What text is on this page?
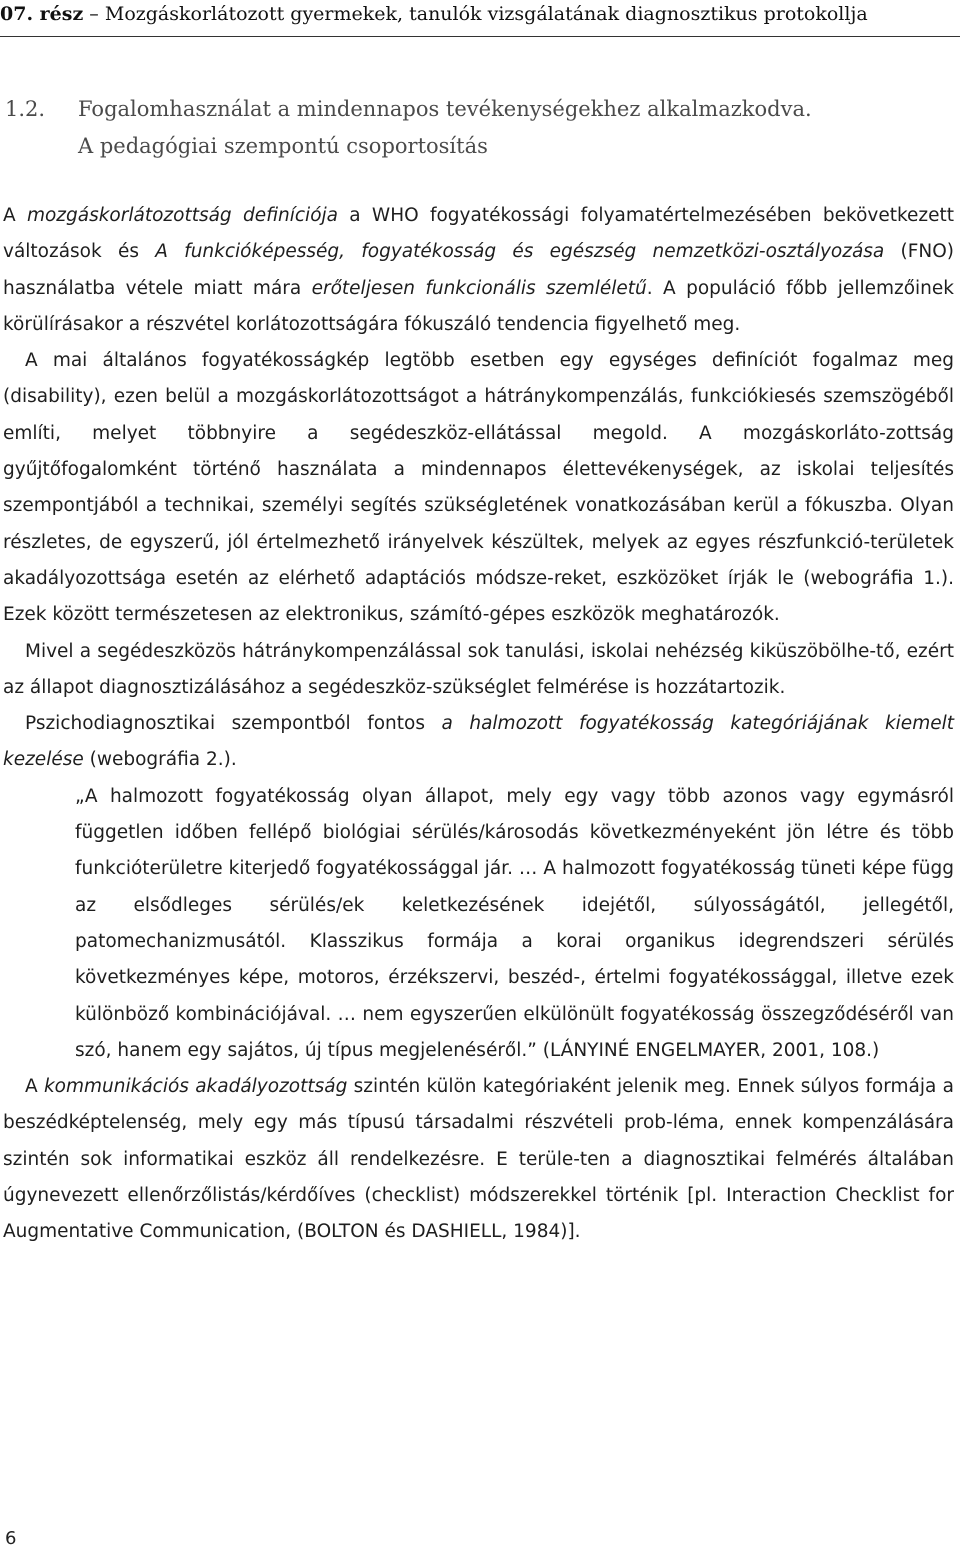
07. rész – Mozgáskorlátozott gyermekek, tanulók vizsgálatának diagnosztikus protokollja
1.2. Fogalomhasználat a mindennapos tevékenységekhez alkalmazkodva.
A pedagógiai szempontú csoportosítás

A mozgáskorlátozottság definíciója a WHO fogyatékossági folyamatértelmezésében bekövetkezett változások és A funkcióképesség, fogyatékosság és egészség nemzetközi-osztályozása (FNO) használatba vétele miatt mára erőteljesen funkcionális szemléletű. A populáció főbb jellemzőinek körülírásakor a részvétel korlátozottságára fókuszáló tendencia figyelhető meg.

A mai általános fogyatékosságkép legtöbb esetben egy egységes definíciót fogalmaz meg (disability), ezen belül a mozgáskorlátozottságot a hátránykompenzálás, funkciókiesés szemszögéből említi, melyet többnyire a segédeszköz-ellátással megold. A mozgáskorláto-zottság gyűjtőfogalomként történő használata a mindennapos élettevékenységek, az iskolai teljesítés szempontjából a technikai, személyi segítés szükségletének vonatkozásában kerül a fókuszba. Olyan részletes, de egyszerű, jól értelmezhető irányelvek készültek, melyek az egyes részfunkció-területek akadályozottsága esetén az elérhető adaptációs módsze-reket, eszközöket írják le (webográfia 1.). Ezek között természetesen az elektronikus, számító-gépes eszközök meghatározók.

Mivel a segédeszközös hátránykompenzálással sok tanulási, iskolai nehézség kiküszöbölhe-tő, ezért az állapot diagnosztizálásához a segédeszköz-szükséglet felmérése is hozzátartozik.

Pszichodiagnosztikai szempontból fontos a halmozott fogyatékosság kategóriájának kiemelt kezelése (webográfia 2.).

„A halmozott fogyatékosság olyan állapot, mely egy vagy több azonos vagy egymásról független időben fellépő biológiai sérülés/károsodás következményeként jön létre és több funkcióterületre kiterjedő fogyatékossággal jár. … A halmozott fogyatékosság tüneti képe függ az elsődleges sérülés/ek keletkezésének idejétől, súlyosságától, jellegétől, patomechanizmusától. Klasszikus formája a korai organikus idegrendszeri sérülés következményes képe, motoros, érzékszervi, beszéd-, értelmi fogyatékossággal, illetve ezek különböző kombinációjával. … nem egyszerűen elkülönült fogyatékosság összegződéséről van szó, hanem egy sajátos, új típus megjelenéséről.” (LÁNYINÉ ENGELMAYER, 2001, 108.)

A kommunikációs akadályozottság szintén külön kategóriaként jelenik meg. Ennek súlyos formája a beszédképtelenség, mely egy más típusú társadalmi részvételi prob-léma, ennek kompenzálására szintén sok informatikai eszköz áll rendelkezésre. E terüle-ten a diagnosztikai felmérés általában úgynevezett ellenőrzőlistás/kérdőíves (checklist) módszerekkel történik [pl. Interaction Checklist for Augmentative Communication, (BOLTON és DASHIELL, 1984)].

6
